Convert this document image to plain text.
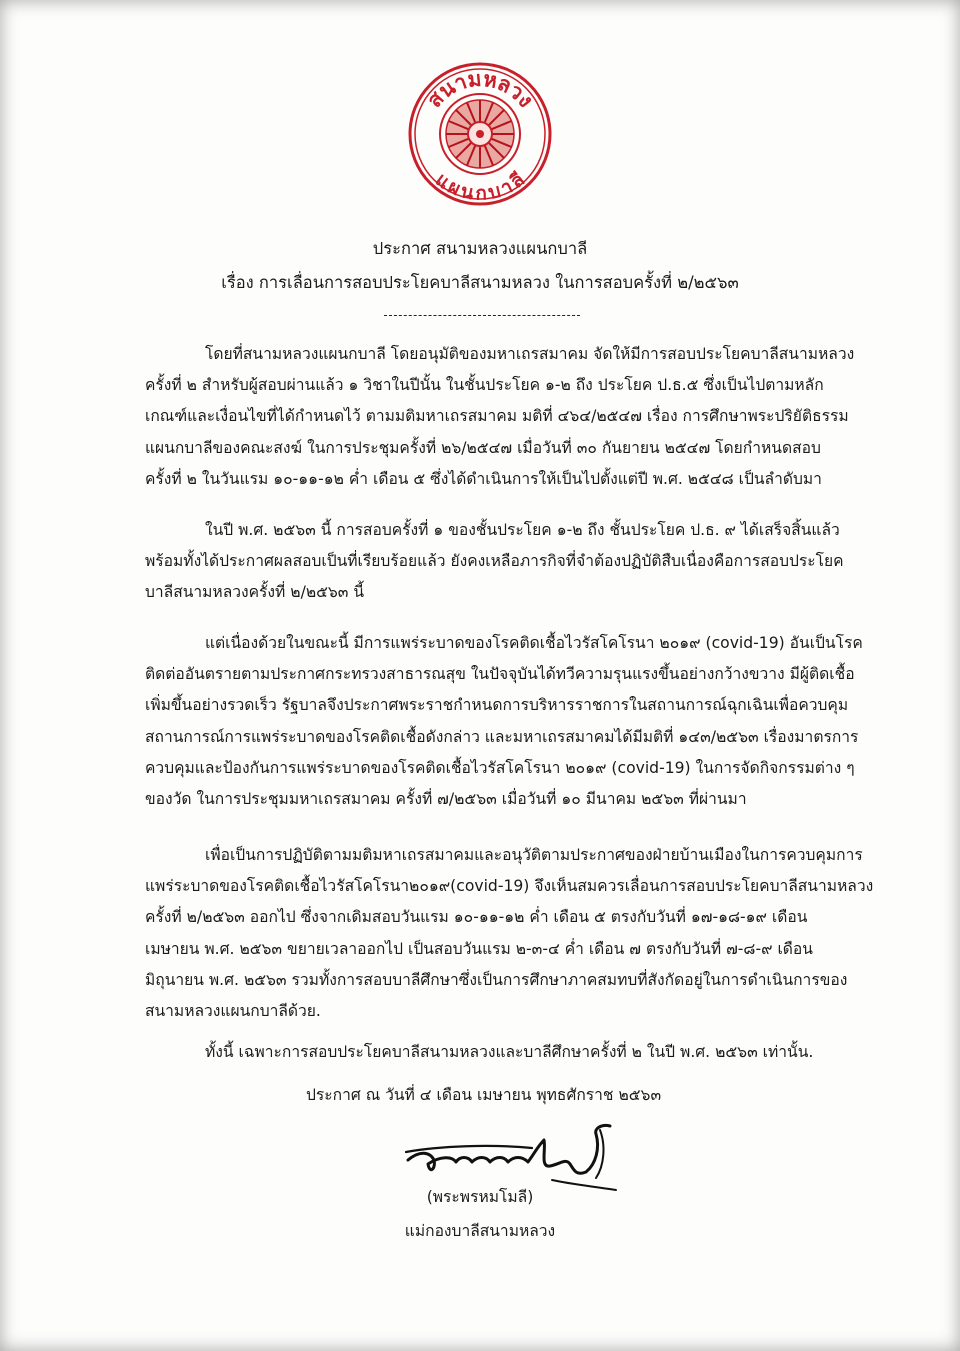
สนามหลวง
แผนกบาลี
ประกาศ สนามหลวงแผนกบาลี
เรื่อง การเลื่อนการสอบประโยคบาลีสนามหลวง ในการสอบครั้งที่ ๒/๒๕๖๓

โดยที่สนามหลวงแผนกบาลี โดยอนุมัติของมหาเถรสมาคม จัดให้มีการสอบประโยคบาลีสนามหลวง
ครั้งที่ ๒ สำหรับผู้สอบผ่านแล้ว ๑ วิชาในปีนั้น ในชั้นประโยค ๑-๒ ถึง ประโยค ป.ธ.๕ ซึ่งเป็นไปตามหลัก
เกณฑ์และเงื่อนไขที่ได้กำหนดไว้ ตามมติมหาเถรสมาคม มติที่ ๔๖๔/๒๕๔๗ เรื่อง การศึกษาพระปริยัติธรรม
แผนกบาลีของคณะสงฆ์ ในการประชุมครั้งที่ ๒๖/๒๕๔๗ เมื่อวันที่ ๓๐ กันยายน ๒๕๔๗ โดยกำหนดสอบ
ครั้งที่ ๒ ในวันแรม ๑๐-๑๑-๑๒ ค่ำ เดือน ๕ ซึ่งได้ดำเนินการให้เป็นไปตั้งแต่ปี พ.ศ. ๒๕๔๘ เป็นลำดับมา

ในปี พ.ศ. ๒๕๖๓ นี้ การสอบครั้งที่ ๑ ของชั้นประโยค ๑-๒ ถึง ชั้นประโยค ป.ธ. ๙ ได้เสร็จสิ้นแล้ว
พร้อมทั้งได้ประกาศผลสอบเป็นที่เรียบร้อยแล้ว ยังคงเหลือภารกิจที่จำต้องปฏิบัติสืบเนื่องคือการสอบประโยค
บาลีสนามหลวงครั้งที่ ๒/๒๕๖๓ นี้

แต่เนื่องด้วยในขณะนี้ มีการแพร่ระบาดของโรคติดเชื้อไวรัสโคโรนา ๒๐๑๙ (covid-19) อันเป็นโรค
ติดต่ออันตรายตามประกาศกระทรวงสาธารณสุข ในปัจจุบันได้ทวีความรุนแรงขึ้นอย่างกว้างขวาง มีผู้ติดเชื้อ
เพิ่มขึ้นอย่างรวดเร็ว รัฐบาลจึงประกาศพระราชกำหนดการบริหารราชการในสถานการณ์ฉุกเฉินเพื่อควบคุม
สถานการณ์การแพร่ระบาดของโรคติดเชื้อดังกล่าว และมหาเถรสมาคมได้มีมติที่ ๑๔๓/๒๕๖๓ เรื่องมาตรการ
ควบคุมและป้องกันการแพร่ระบาดของโรคติดเชื้อไวรัสโคโรนา ๒๐๑๙ (covid-19) ในการจัดกิจกรรมต่าง ๆ
ของวัด ในการประชุมมหาเถรสมาคม ครั้งที่ ๗/๒๕๖๓ เมื่อวันที่ ๑๐ มีนาคม ๒๕๖๓ ที่ผ่านมา

เพื่อเป็นการปฏิบัติตามมติมหาเถรสมาคมและอนุวัติตามประกาศของฝ่ายบ้านเมืองในการควบคุมการ
แพร่ระบาดของโรคติดเชื้อไวรัสโคโรนา๒๐๑๙(covid-19) จึงเห็นสมควรเลื่อนการสอบประโยคบาลีสนามหลวง
ครั้งที่ ๒/๒๕๖๓ ออกไป ซึ่งจากเดิมสอบวันแรม ๑๐-๑๑-๑๒ ค่ำ เดือน ๕ ตรงกับวันที่ ๑๗-๑๘-๑๙ เดือน
เมษายน พ.ศ. ๒๕๖๓ ขยายเวลาออกไป เป็นสอบวันแรม ๒-๓-๔ ค่ำ เดือน ๗ ตรงกับวันที่ ๗-๘-๙ เดือน
มิถุนายน พ.ศ. ๒๕๖๓ รวมทั้งการสอบบาลีศึกษาซึ่งเป็นการศึกษาภาคสมทบที่สังกัดอยู่ในการดำเนินการของ
สนามหลวงแผนกบาลีด้วย.

ทั้งนี้ เฉพาะการสอบประโยคบาลีสนามหลวงและบาลีศึกษาครั้งที่ ๒ ในปี พ.ศ. ๒๕๖๓ เท่านั้น.

ประกาศ ณ วันที่ ๔ เดือน เมษายน พุทธศักราช ๒๕๖๓
(พระพรหมโมลี)
แม่กองบาลีสนามหลวง
